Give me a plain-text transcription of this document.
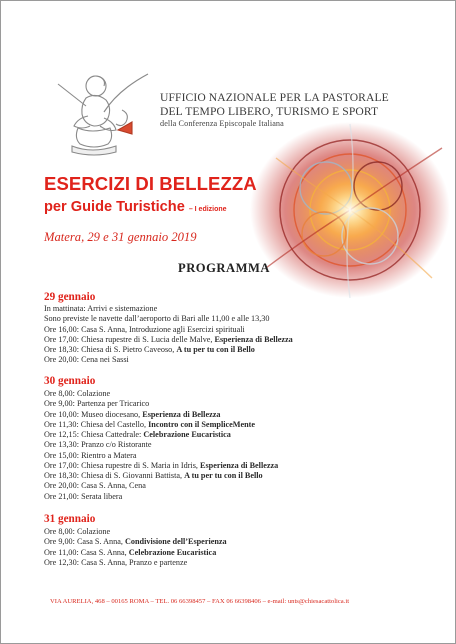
UFFICIO NAZIONALE PER LA PASTORALE
DEL TEMPO LIBERO, TURISMO E SPORT
della Conferenza Episcopale Italiana
ESERCIZI DI BELLEZZA
per Guide Turistiche – I edizione

Matera, 29 e 31 gennaio 2019

PROGRAMMA
29 gennaio
In mattinata: Arrivi e sistemazione
Sono previste le navette dall’aeroporto di Bari alle 11,00 e alle 13,30
Ore 16,00: Casa S. Anna, Introduzione agli Esercizi spirituali
Ore 17,00: Chiesa rupestre di S. Lucia delle Malve, Esperienza di Bellezza
Ore 18,30: Chiesa di S. Pietro Caveoso, A tu per tu con il Bello
Ore 20,00: Cena nei Sassi
30 gennaio
Ore 8,00: Colazione
Ore 9,00: Partenza per Tricarico
Ore 10,00: Museo diocesano, Esperienza di Bellezza
Ore 11,30: Chiesa del Castello, Incontro con il SempliceMente
Ore 12,15: Chiesa Cattedrale: Celebrazione Eucaristica
Ore 13,30: Pranzo c/o Ristorante
Ore 15,00: Rientro a Matera
Ore 17,00: Chiesa rupestre di S. Maria in Idris, Esperienza di Bellezza
Ore 18,30: Chiesa di S. Giovanni Battista, A tu per tu con il Bello
Ore 20,00: Casa S. Anna, Cena
Ore 21,00: Serata libera
31 gennaio
Ore 8,00: Colazione
Ore 9,00: Casa S. Anna, Condivisione dell’Esperienza
Ore 11,00: Casa S. Anna, Celebrazione Eucaristica
Ore 12,30: Casa S. Anna, Pranzo e partenze
VIA AURELIA, 468 – 00165 ROMA – TEL. 06 66398457 – FAX 06 66398406 – e-mail: unts@chiesacattolica.it
